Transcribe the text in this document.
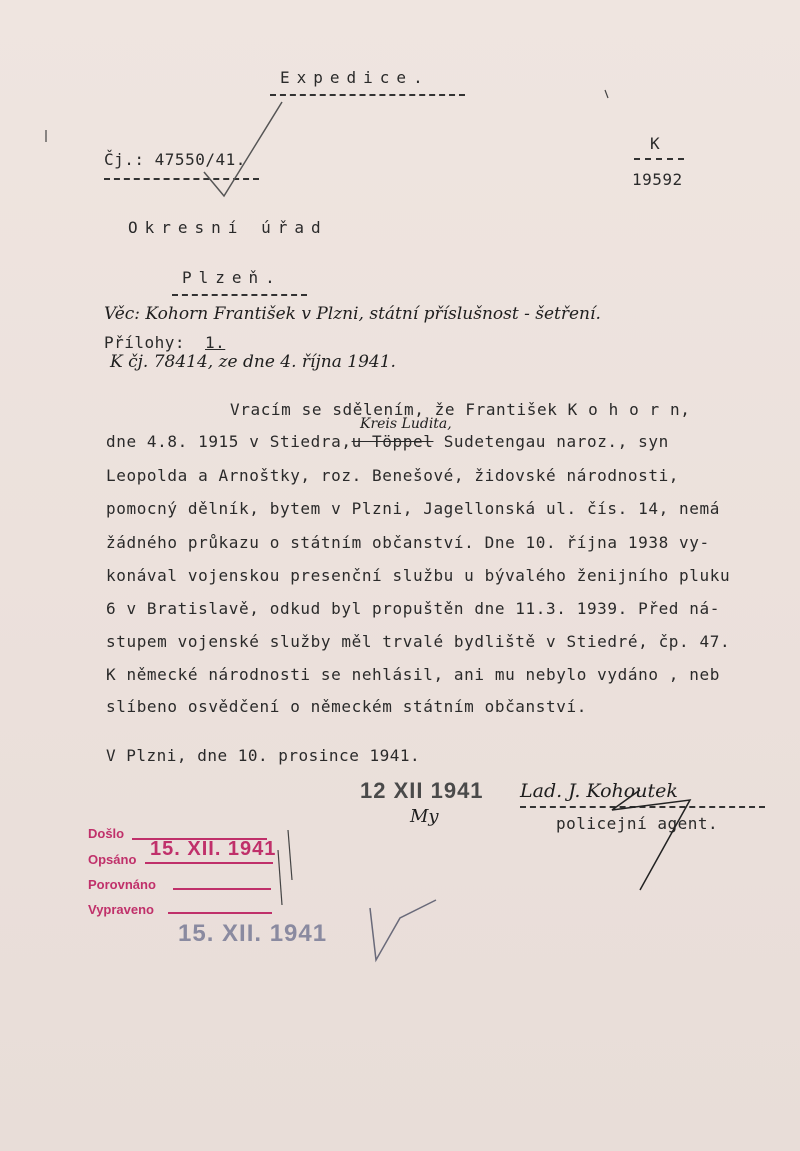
Expedice.
Čj.: 47550/41.
K
19592
Okresní úřad
Plzeň.
Věc: Kohorn František v Plzni, státní příslušnost - šetření.
Přílohy: 1.
K čj. 78414, ze dne 4. října 1941.
Vracím se sdělením, že František K o h o r n,
Kreis Ludita,
dne 4.8. 1915 v Stiedra,u Töppel Sudetengau naroz., syn
Leopolda a Arnoštky, roz. Benešové, židovské národnosti,
pomocný dělník, bytem v Plzni, Jagellonská ul. čís. 14, nemá
žádného průkazu o státním občanství. Dne 10. října 1938 vy-
konával vojenskou presenční službu u bývalého ženijního pluku
6 v Bratislavě, odkud byl propuštěn dne 11.3. 1939. Před ná-
stupem vojenské služby měl trvalé bydliště v Stiedré, čp. 47.
K německé národnosti se nehlásil, ani mu nebylo vydáno , neb
slíbeno osvědčení o německém státním občanství.
V Plzni, dne 10. prosince 1941.
12 XII 1941
My
Lad. J. Kohoutek
policejní agent.
Došlo
Opsáno 15. XII. 1941
Porovnáno
Vypraveno
15. XII. 1941
